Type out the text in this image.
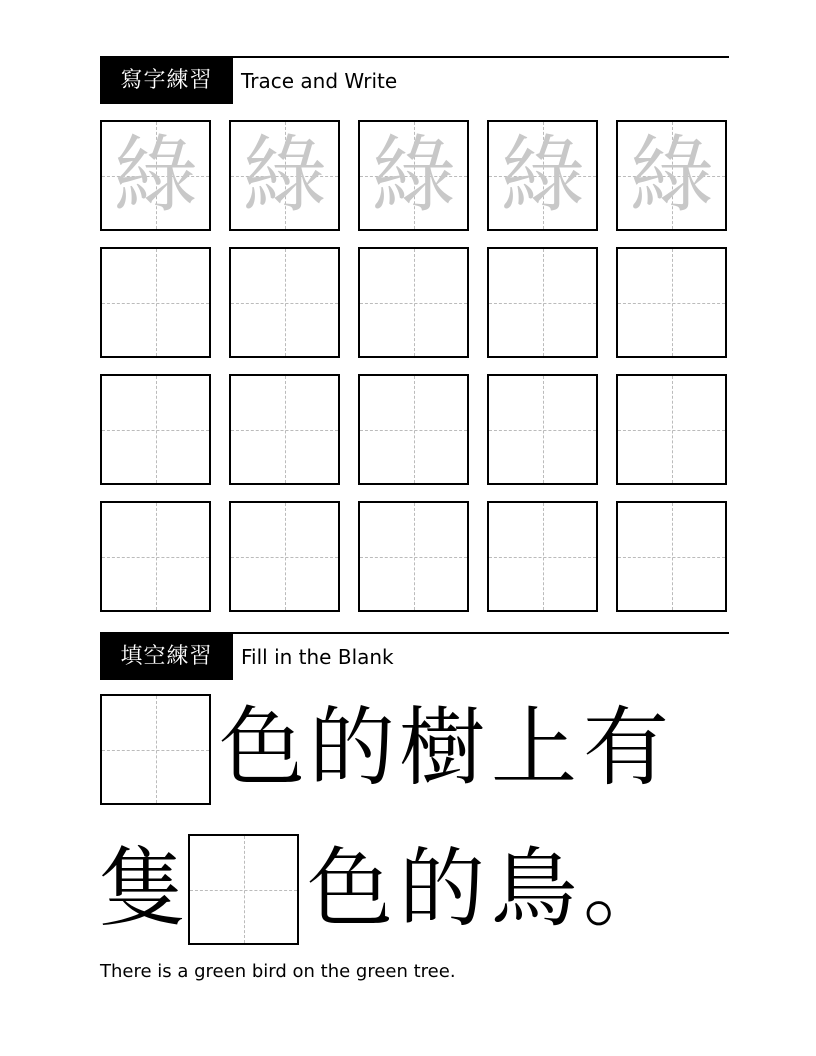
寫字練習	Trace and Write
綠 綠 綠 綠 綠
填空練習	Fill in the Blank
色 的 樹 上 有
隻 色 的 鳥 。
There is a green bird on the green tree.
